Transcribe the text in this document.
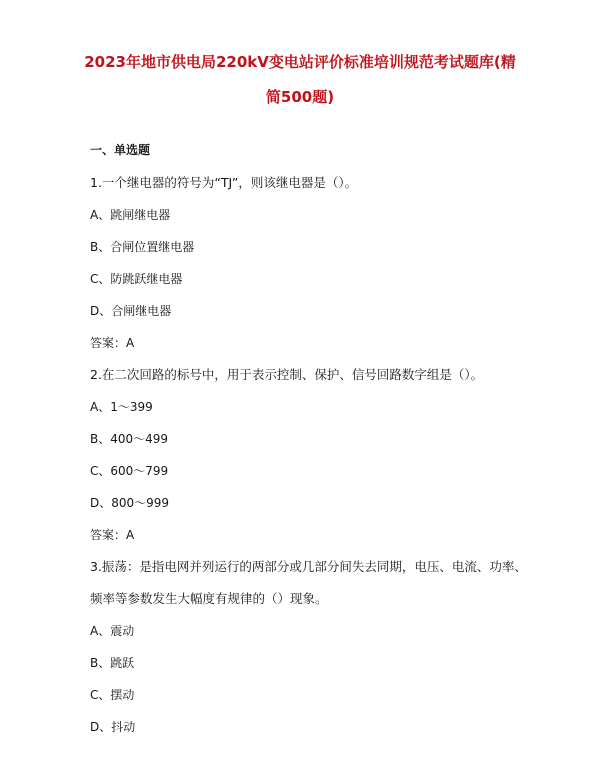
2023年地市供电局220kV变电站评价标准培训规范考试题库(精
简500题)
一、单选题
1.一个继电器的符号为“TJ”，则该继电器是（）。
A、跳闸继电器
B、合闸位置继电器
C、防跳跃继电器
D、合闸继电器
答案：A
2.在二次回路的标号中，用于表示控制、保护、信号回路数字组是（）。
A、1～399
B、400～499
C、600～799
D、800～999
答案：A
3.振荡：是指电网并列运行的两部分或几部分间失去同期，电压、电流、功率、
频率等参数发生大幅度有规律的（）现象。
A、震动
B、跳跃
C、摆动
D、抖动
